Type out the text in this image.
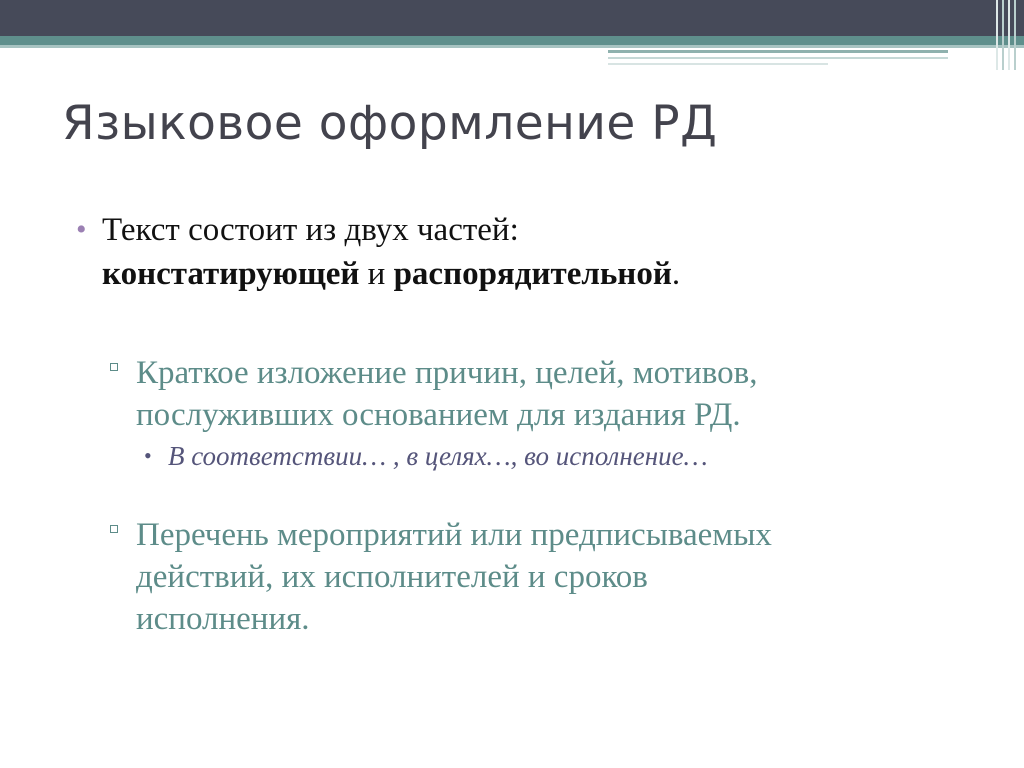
Языковое оформление РД
• Текст состоит из двух частей:
констатирующей и распорядительной.
Краткое изложение причин, целей, мотивов,
послуживших основанием для издания РД.
• В соответствии… , в целях…, во исполнение…
Перечень мероприятий или предписываемых
действий, их исполнителей и сроков
исполнения.
